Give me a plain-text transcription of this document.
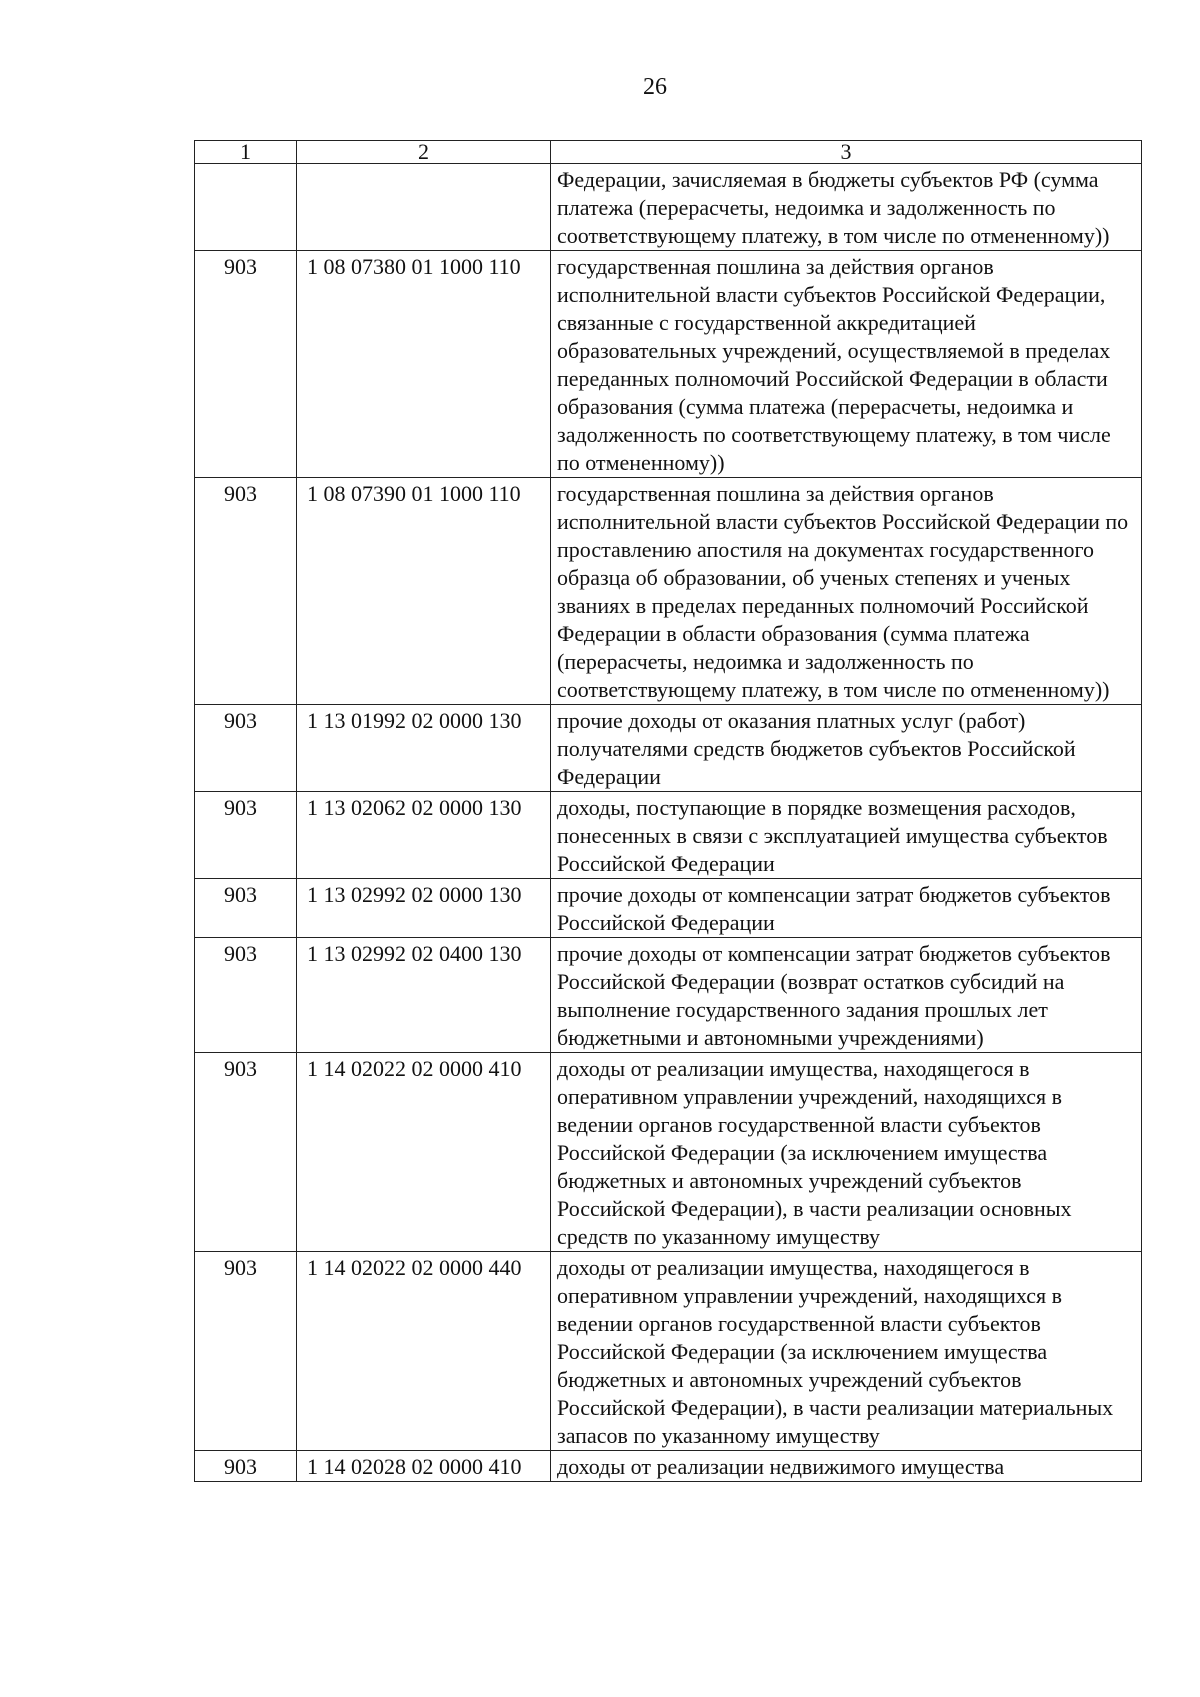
26
1	2	3
		Федерации, зачисляемая в бюджеты субъектов РФ (сумма платежа (перерасчеты, недоимка и задолженность по соответствующему платежу, в том числе по отмененному))
903	1 08 07380 01 1000 110	государственная пошлина за действия органов исполнительной власти субъектов Российской Федерации, связанные с государственной аккредитацией образовательных учреждений, осуществляемой в пределах переданных полномочий Российской Федерации в области образования (сумма платежа (перерасчеты, недоимка и задолженность по соответствующему платежу, в том числе по отмененному))
903	1 08 07390 01 1000 110	государственная пошлина за действия органов исполнительной власти субъектов Российской Федерации по проставлению апостиля на документах государственного образца об образовании, об ученых степенях и ученых званиях в пределах переданных полномочий Российской Федерации в области образования (сумма платежа (перерасчеты, недоимка и задолженность по соответствующему платежу, в том числе по отмененному))
903	1 13 01992 02 0000 130	прочие доходы от оказания платных услуг (работ) получателями средств бюджетов субъектов Российской Федерации
903	1 13 02062 02 0000 130	доходы, поступающие в порядке возмещения расходов, понесенных в связи с эксплуатацией имущества субъектов Российской Федерации
903	1 13 02992 02 0000 130	прочие доходы от компенсации затрат бюджетов субъектов Российской Федерации
903	1 13 02992 02 0400 130	прочие доходы от компенсации затрат бюджетов субъектов Российской Федерации (возврат остатков субсидий на выполнение государственного задания прошлых лет бюджетными и автономными учреждениями)
903	1 14 02022 02 0000 410	доходы от реализации имущества, находящегося в оперативном управлении учреждений, находящихся в ведении органов государственной власти субъектов Российской Федерации (за исключением имущества бюджетных и автономных учреждений субъектов Российской Федерации), в части реализации основных средств по указанному имуществу
903	1 14 02022 02 0000 440	доходы от реализации имущества, находящегося в оперативном управлении учреждений, находящихся в ведении органов государственной власти субъектов Российской Федерации (за исключением имущества бюджетных и автономных учреждений субъектов Российской Федерации), в части реализации материальных запасов по указанному имуществу
903	1 14 02028 02 0000 410	доходы от реализации недвижимого имущества
